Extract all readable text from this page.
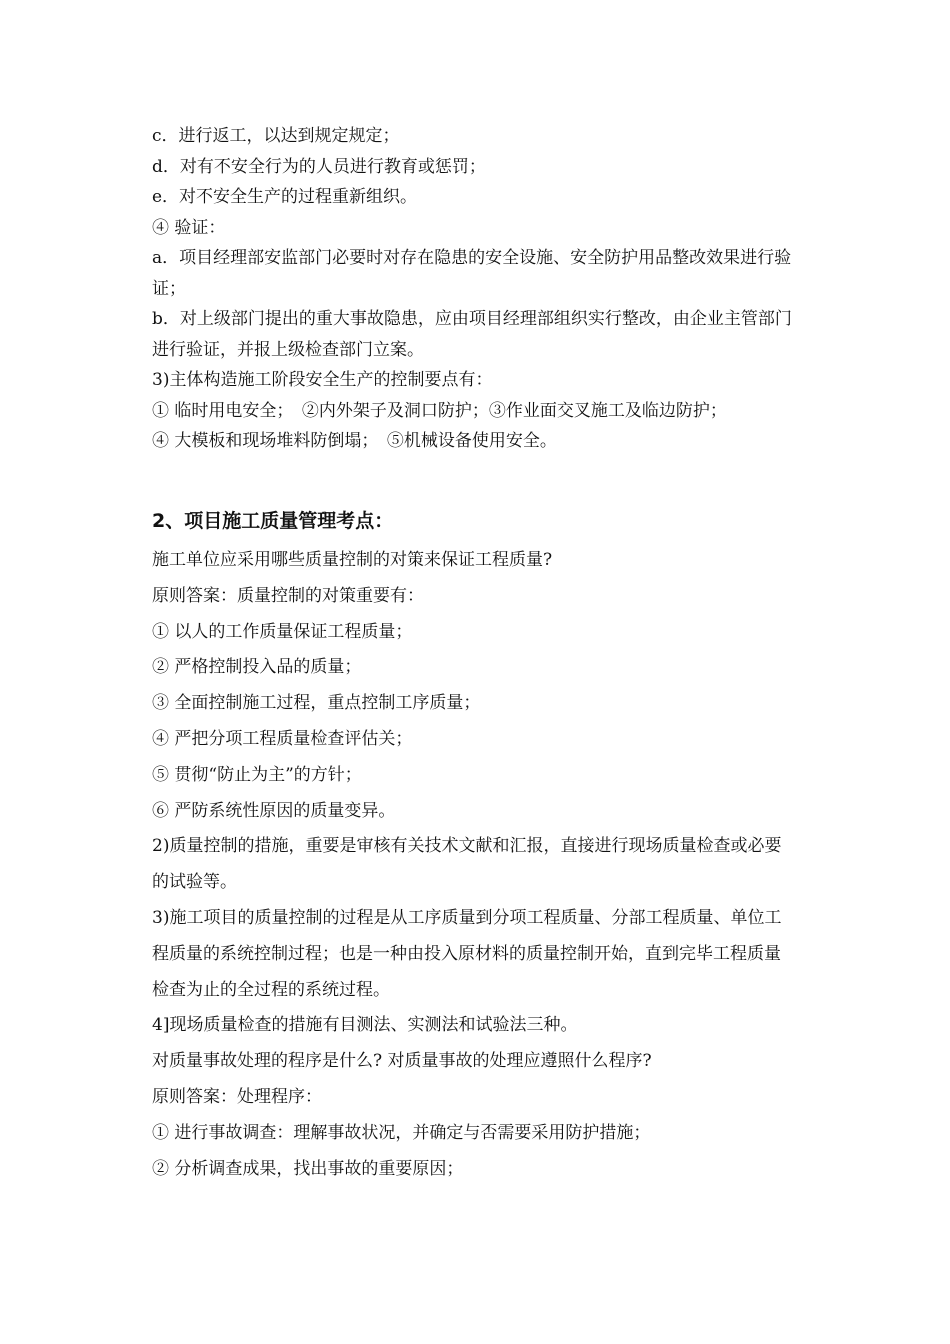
c．进行返工，以达到规定规定；

d．对有不安全行为的人员进行教育或惩罚；

e．对不安全生产的过程重新组织。

④ 验证：

a．项目经理部安监部门必要时对存在隐患的安全设施、安全防护用品整改效果进行验证；

b．对上级部门提出的重大事故隐患，应由项目经理部组织实行整改，由企业主管部门进行验证，并报上级检查部门立案。

3)主体构造施工阶段安全生产的控制要点有：

① 临时用电安全；　②内外架子及洞口防护；③作业面交叉施工及临边防护；

④ 大模板和现场堆料防倒塌；　⑤机械设备使用安全。

2、项目施工质量管理考点：

施工单位应采用哪些质量控制的对策来保证工程质量?

原则答案：质量控制的对策重要有：

① 以人的工作质量保证工程质量；

② 严格控制投入品的质量；

③ 全面控制施工过程，重点控制工序质量；

④ 严把分项工程质量检查评估关；

⑤ 贯彻“防止为主”的方针；

⑥ 严防系统性原因的质量变异。

2)质量控制的措施，重要是审核有关技术文献和汇报，直接进行现场质量检查或必要的试验等。

3)施工项目的质量控制的过程是从工序质量到分项工程质量、分部工程质量、单位工程质量的系统控制过程；也是一种由投入原材料的质量控制开始，直到完毕工程质量检查为止的全过程的系统过程。

4]现场质量检查的措施有目测法、实测法和试验法三种。

对质量事故处理的程序是什么? 对质量事故的处理应遵照什么程序?

原则答案：处理程序：

① 进行事故调查：理解事故状况，并确定与否需要采用防护措施；

② 分析调查成果，找出事故的重要原因；
